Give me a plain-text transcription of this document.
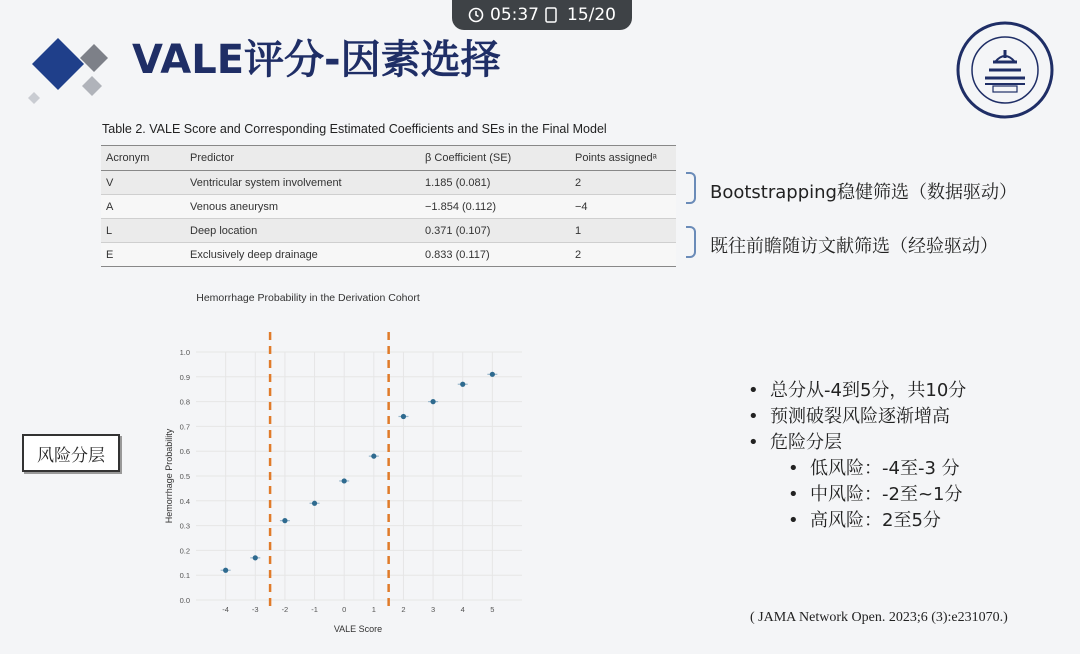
05:37 15/20
VALE评分-因素选择
Table 2. VALE Score and Corresponding Estimated Coefficients and SEs in the Final Model
Acronym	Predictor	β Coefficient (SE)	Points assignedᵃ
V	Ventricular system involvement	1.185 (0.081)	2
A	Venous aneurysm	−1.854 (0.112)	−4
L	Deep location	0.371 (0.107)	1
E	Exclusively deep drainage	0.833 (0.117)	2
Bootstrapping稳健筛选（数据驱动）
既往前瞻随访文献筛选（经验驱动）
风险分层
Hemorrhage Probability in the Derivation Cohort
0.0
0.1
0.2
0.3
0.4
0.5
0.6
0.7
0.8
0.9
1.0
-4	-3	-2	-1	0	1	2	3	4	5
VALE Score
Hemorrhage Probability
• 总分从-4到5分，共10分
• 预测破裂风险逐渐增高
• 危险分层
• 低风险：-4至-3 分
• 中风险：-2至~1分
• 高风险：2至5分
( JAMA Network Open. 2023;6 (3):e231070.)
